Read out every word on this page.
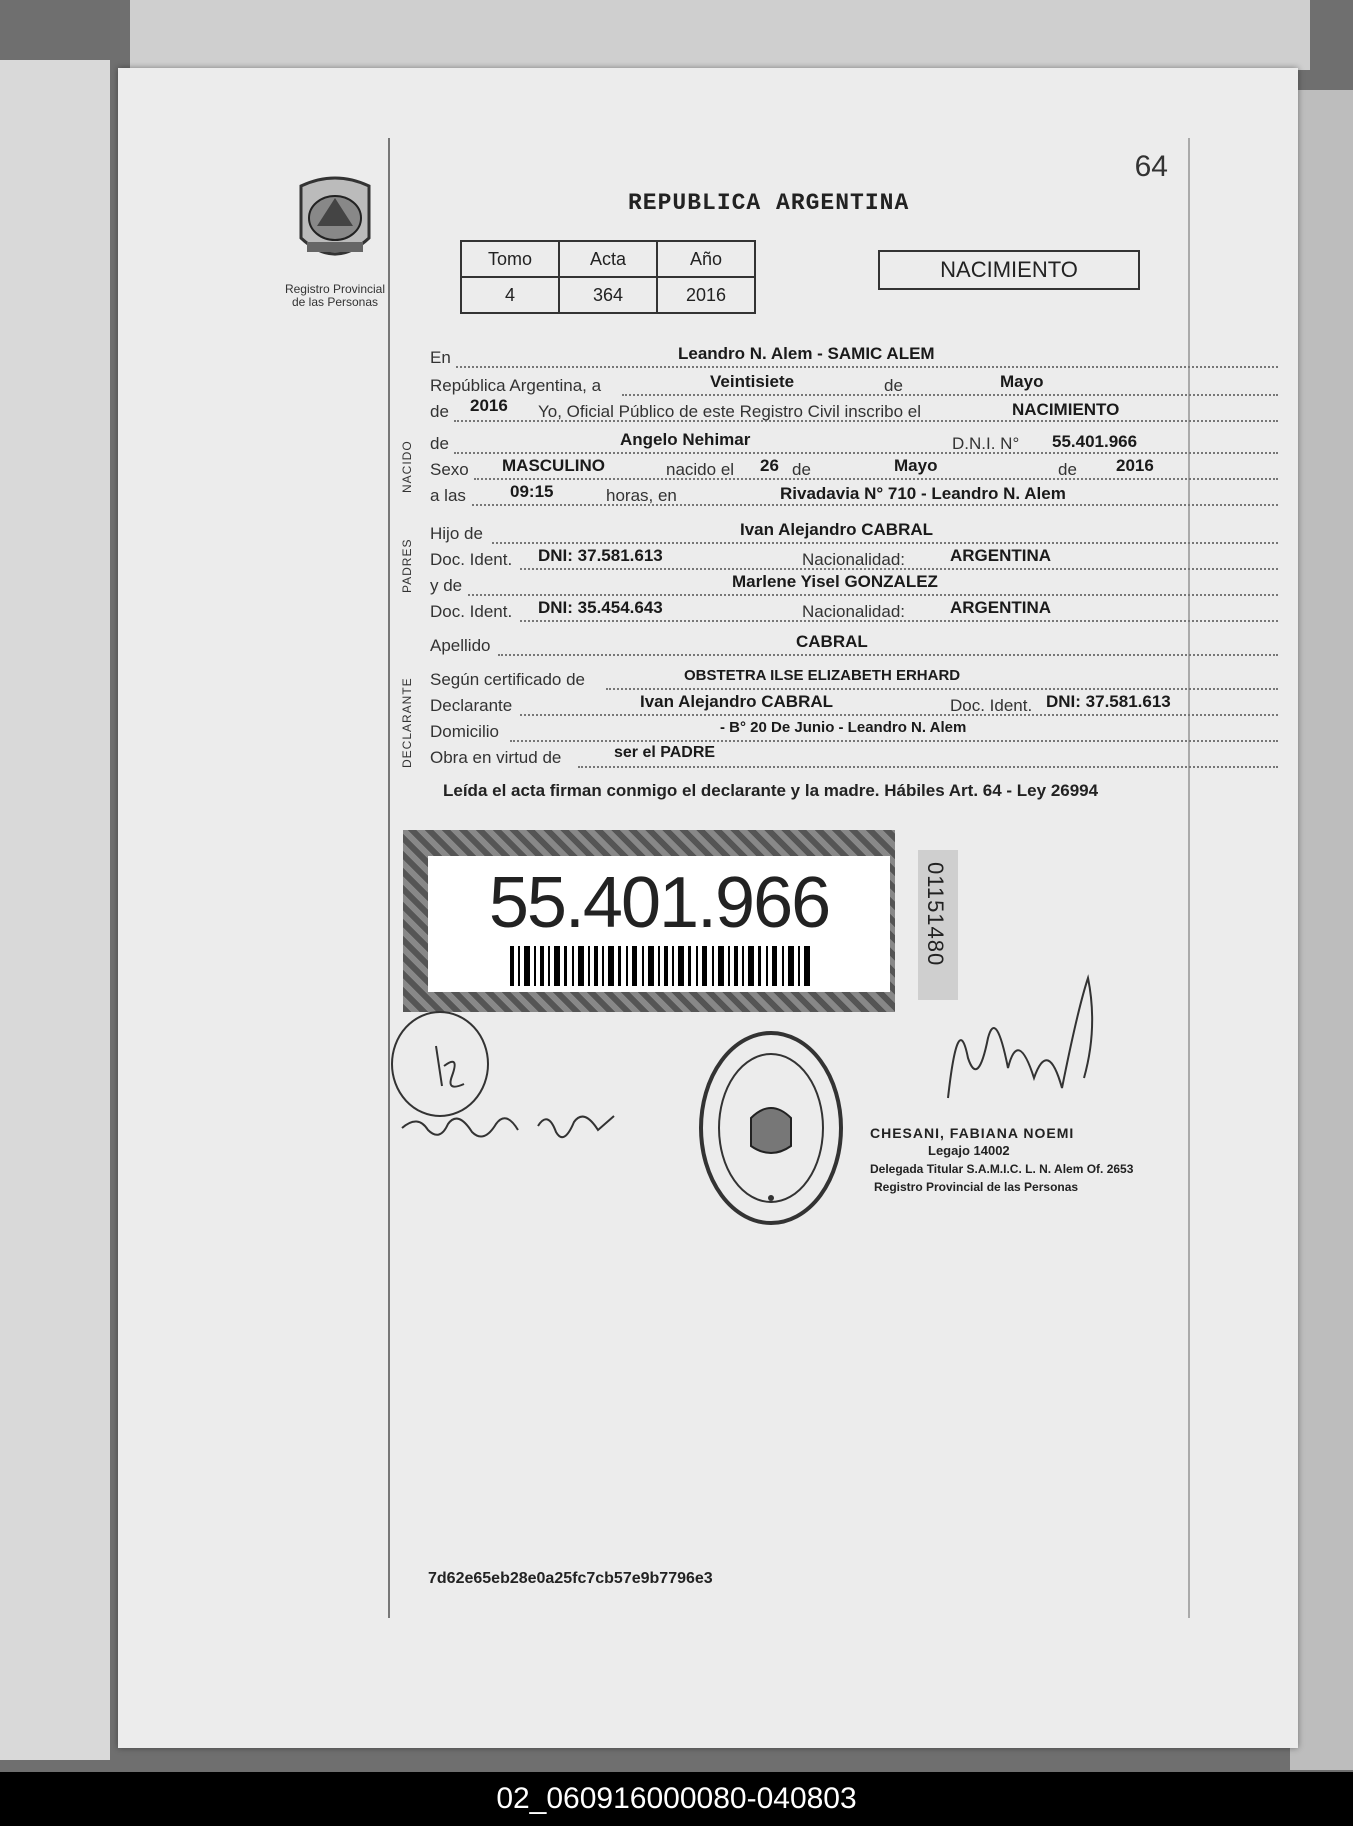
64
Registro Provincial
de las Personas
REPUBLICA ARGENTINA
Tomo	Acta	Año
4	364	2016
NACIMIENTO
NACIDO
PADRES
DECLARANTE
En	Leandro N. Alem - SAMIC ALEM
República Argentina, a	Veintisiete	de	Mayo
de 2016 Yo, Oficial Público de este Registro Civil inscribo el	NACIMIENTO
de	Angelo Nehimar	D.N.I. N° 55.401.966
Sexo MASCULINO	nacido el 26 de	Mayo	de 2016
a las	09:15	horas, en	Rivadavia N° 710 - Leandro N. Alem
Hijo de	Ivan Alejandro CABRAL
Doc. Ident. DNI: 37.581.613	Nacionalidad:	ARGENTINA
y de	Marlene Yisel GONZALEZ
Doc. Ident. DNI: 35.454.643	Nacionalidad:	ARGENTINA
Apellido	CABRAL
Según certificado de	OBSTETRA ILSE ELIZABETH ERHARD
Declarante	Ivan Alejandro CABRAL	Doc. Ident. DNI: 37.581.613
Domicilio	- B° 20 De Junio - Leandro N. Alem
Obra en virtud de	ser el PADRE
Leída el acta firman conmigo el declarante y la madre. Hábiles Art. 64 - Ley 26994
55.401.966	01151480
CHESANI, FABIANA NOEMI
Legajo 14002
Delegada Titular S.A.M.I.C. L. N. Alem Of. 2653
Registro Provincial de las Personas
7d62e65eb28e0a25fc7cb57e9b7796e3
02_060916000080-040803
